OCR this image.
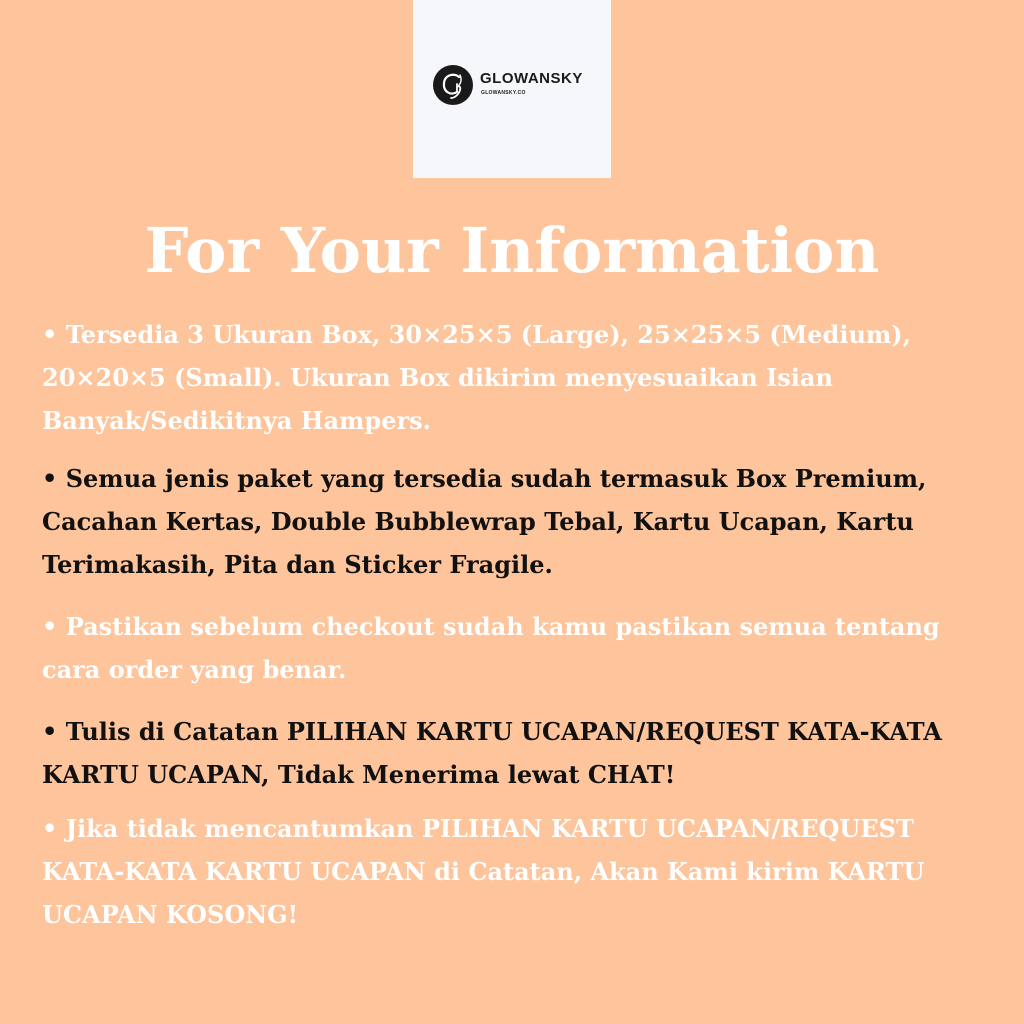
GLOWANSKY
GLOWANSKY.CO
For Your Information

• Tersedia 3 Ukuran Box, 30×25×5 (Large), 25×25×5 (Medium), 20×20×5 (Small). Ukuran Box dikirim menyesuaikan Isian Banyak/Sedikitnya Hampers.

• Semua jenis paket yang tersedia sudah termasuk Box Premium, Cacahan Kertas, Double Bubblewrap Tebal, Kartu Ucapan, Kartu Terimakasih, Pita dan Sticker Fragile.

• Pastikan sebelum checkout sudah kamu pastikan semua tentang cara order yang benar.

• Tulis di Catatan PILIHAN KARTU UCAPAN/REQUEST KATA-KATA KARTU UCAPAN, Tidak Menerima lewat CHAT!

• Jika tidak mencantumkan PILIHAN KARTU UCAPAN/REQUEST KATA-KATA KARTU UCAPAN di Catatan, Akan Kami kirim KARTU UCAPAN KOSONG!
